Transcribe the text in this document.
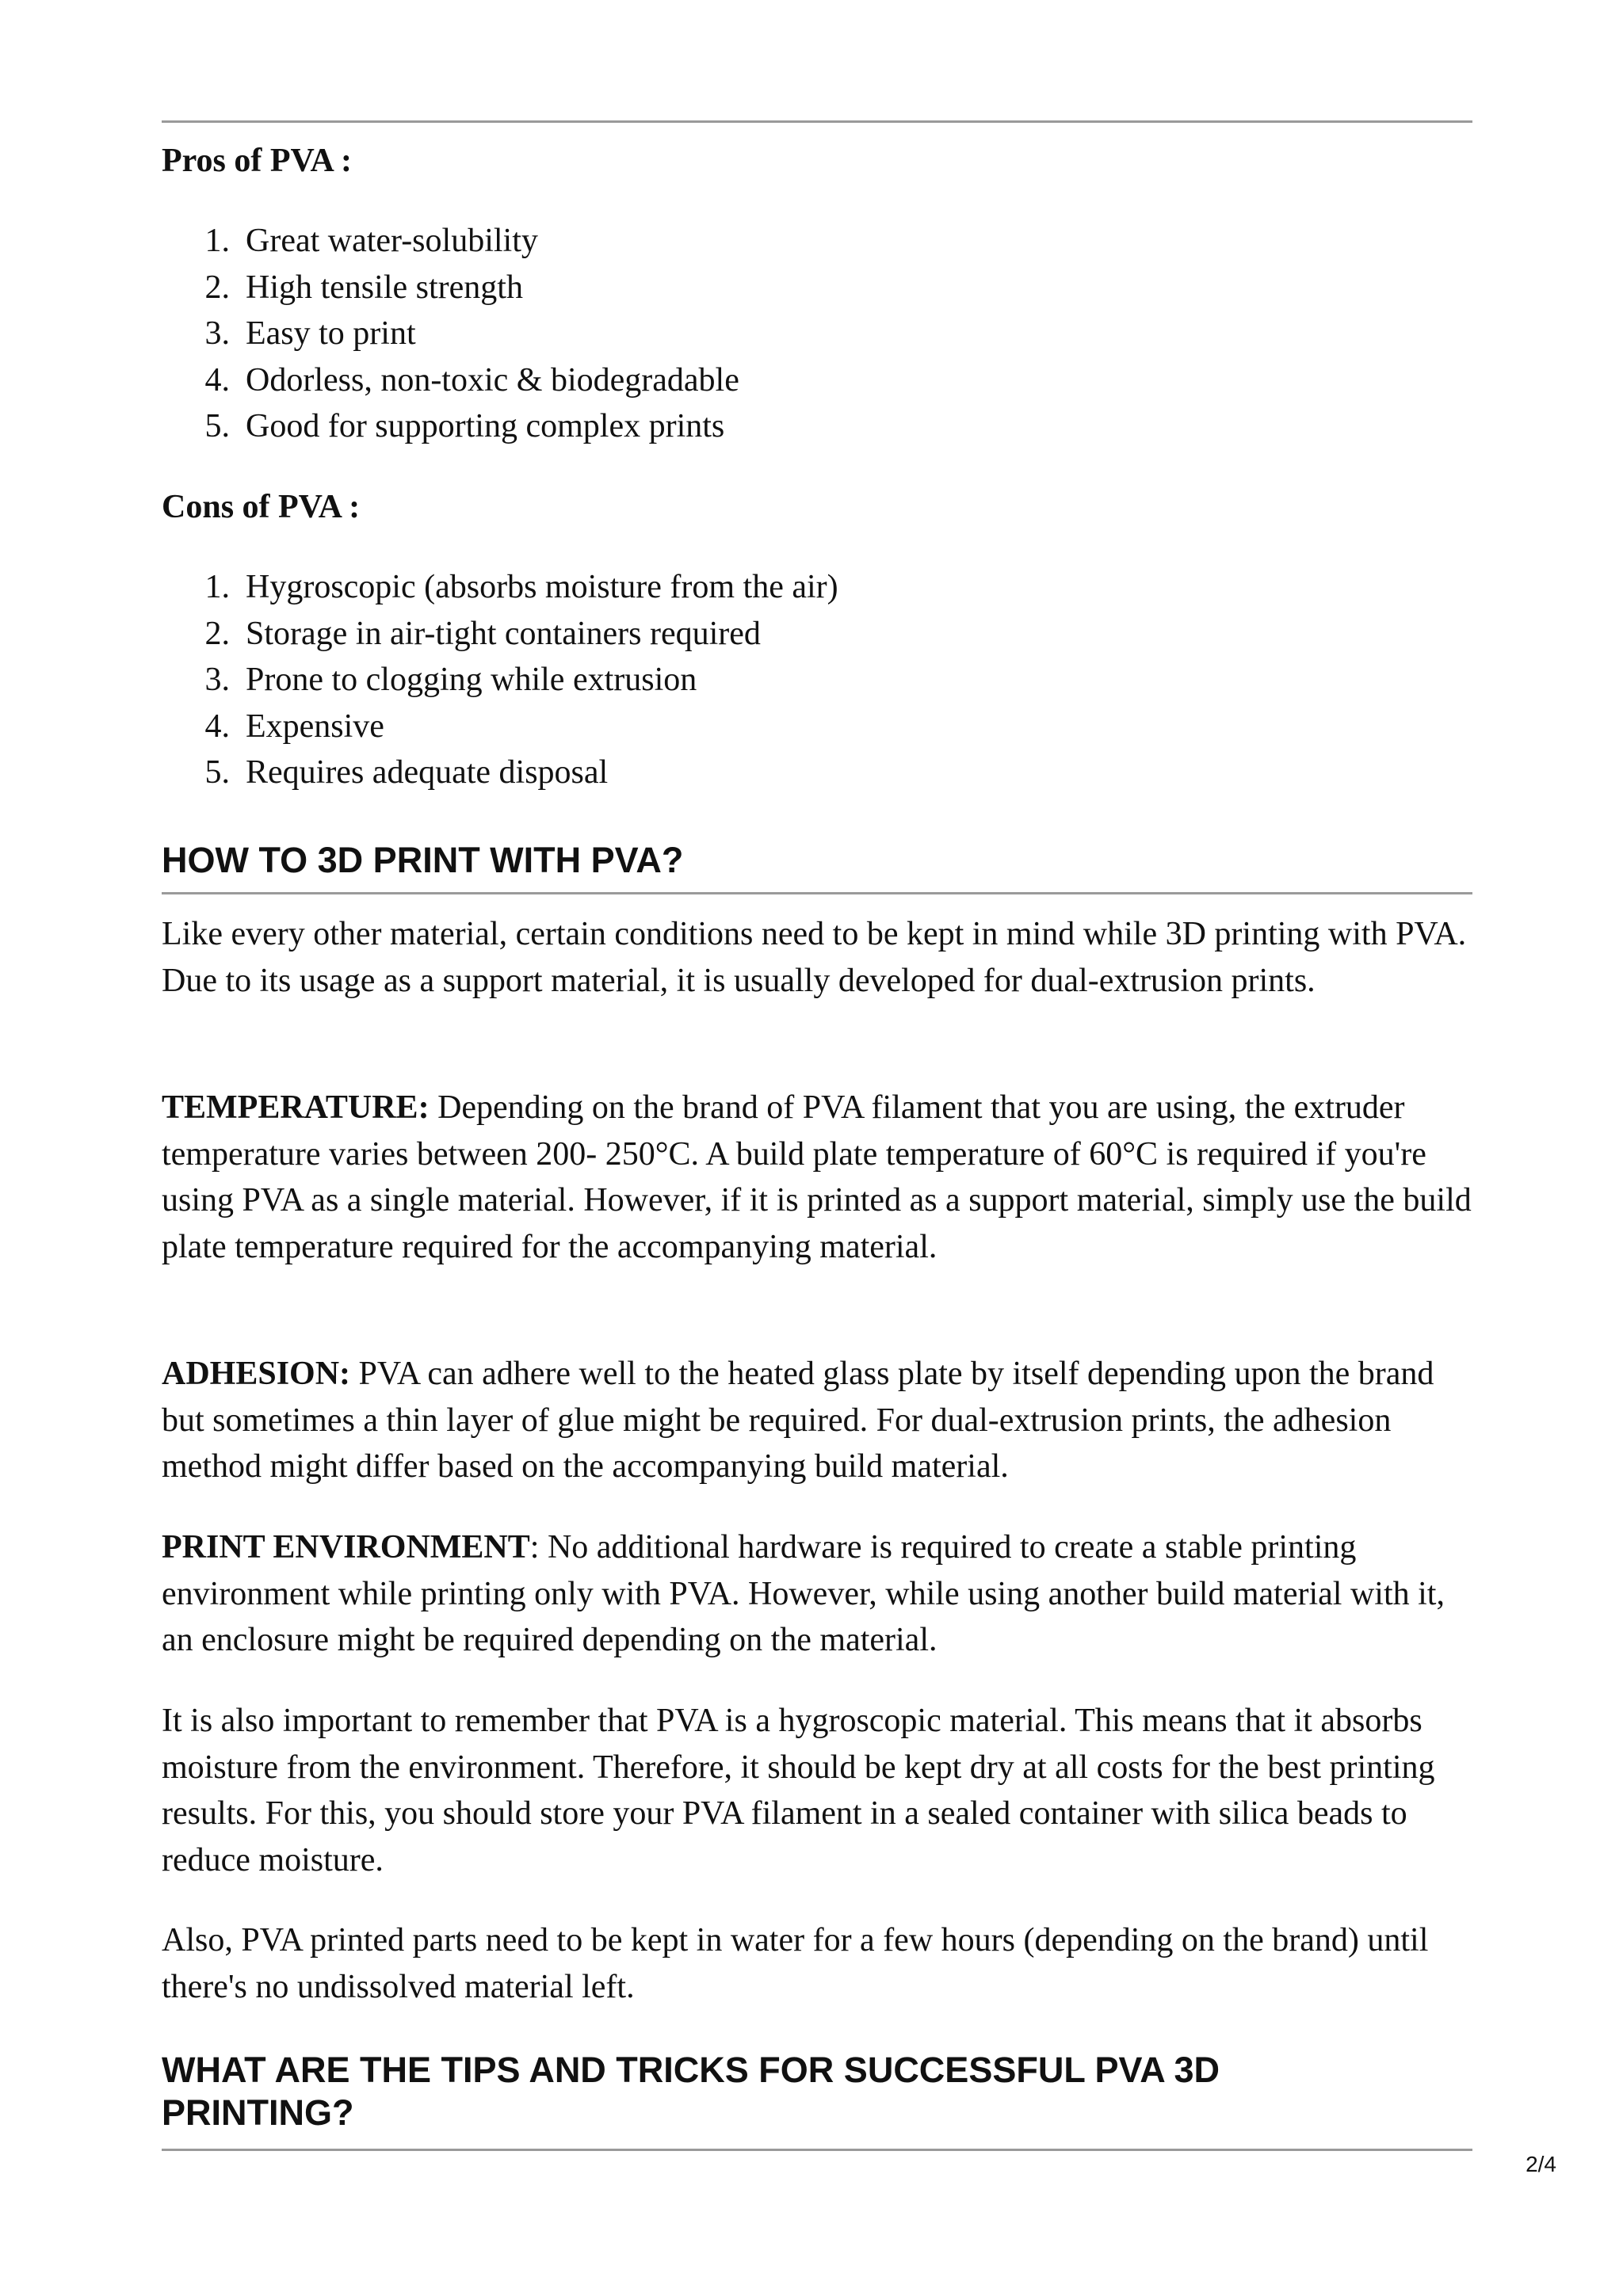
Pros of PVA :
1. Great water-solubility
2. High tensile strength
3. Easy to print
4. Odorless, non-toxic & biodegradable
5. Good for supporting complex prints
Cons of PVA :
1. Hygroscopic (absorbs moisture from the air)
2. Storage in air-tight containers required
3. Prone to clogging while extrusion
4. Expensive
5. Requires adequate disposal
HOW TO 3D PRINT WITH PVA?

Like every other material, certain conditions need to be kept in mind while 3D printing with PVA. Due to its usage as a support material, it is usually developed for dual-extrusion prints.

TEMPERATURE: Depending on the brand of PVA filament that you are using, the extruder temperature varies between 200- 250°C. A build plate temperature of 60°C is required if you're using PVA as a single material. However, if it is printed as a support material, simply use the build plate temperature required for the accompanying material.

ADHESION: PVA can adhere well to the heated glass plate by itself depending upon the brand but sometimes a thin layer of glue might be required. For dual-extrusion prints, the adhesion method might differ based on the accompanying build material.

PRINT ENVIRONMENT: No additional hardware is required to create a stable printing environment while printing only with PVA. However, while using another build material with it, an enclosure might be required depending on the material.

It is also important to remember that PVA is a hygroscopic material. This means that it absorbs moisture from the environment. Therefore, it should be kept dry at all costs for the best printing results. For this, you should store your PVA filament in a sealed container with silica beads to reduce moisture.

Also, PVA printed parts need to be kept in water for a few hours (depending on the brand) until there's no undissolved material left.

WHAT ARE THE TIPS AND TRICKS FOR SUCCESSFUL PVA 3D PRINTING?
2/4
